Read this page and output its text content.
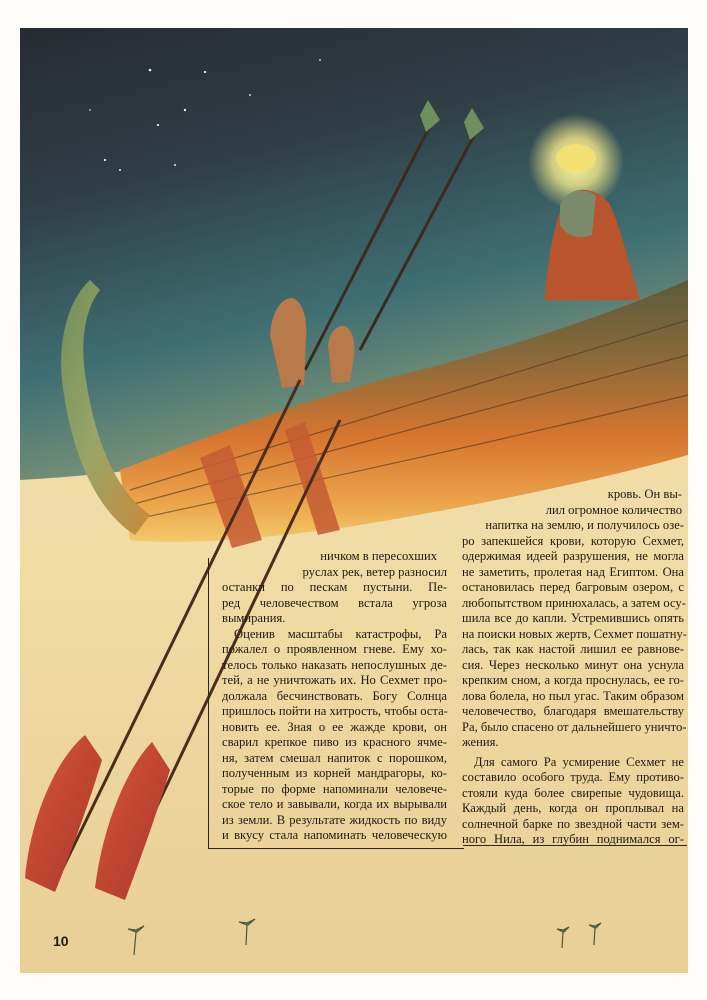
ничком в пересохших
руслах рек, ветер разносил
останки по пескам пустыни. Пе-
ред человечеством встала угроза
вымирания.
Оценив масштабы катастрофы, Ра
пожалел о проявленном гневе. Ему хо-
телось только наказать непослушных де-
тей, а не уничтожать их. Но Сехмет про-
должала бесчинствовать. Богу Солнца
пришлось пойти на хитрость, чтобы оста-
новить ее. Зная о ее жажде крови, он
сварил крепкое пиво из красного ячме-
ня, затем смешал напиток с порошком,
полученным из корней мандрагоры, ко-
торые по форме напоминали человече-
ское тело и завывали, когда их вырывали
из земли. В результате жидкость по виду
и вкусу стала напоминать человеческую
кровь. Он вы-
лил огромное количество
напитка на землю, и получилось озе-
ро запекшейся крови, которую Сехмет,
одержимая идеей разрушения, не могла
не заметить, пролетая над Египтом. Она
остановилась перед багровым озером, с
любопытством принюхалась, а затем осу-
шила все до капли. Устремившись опять
на поиски новых жертв, Сехмет пошатну-
лась, так как настой лишил ее равнове-
сия. Через несколько минут она уснула
крепким сном, а когда проснулась, ее го-
лова болела, но пыл угас. Таким образом
человечество, благодаря вмешательству
Ра, было спасено от дальнейшего уничто-
жения.
Для самого Ра усмирение Сехмет не
составило особого труда. Ему противо-
стояли куда более свирепые чудовища.
Каждый день, когда он проплывал на
солнечной барке по звездной части зем-
ного Нила, из глубин поднимался ог-
10
